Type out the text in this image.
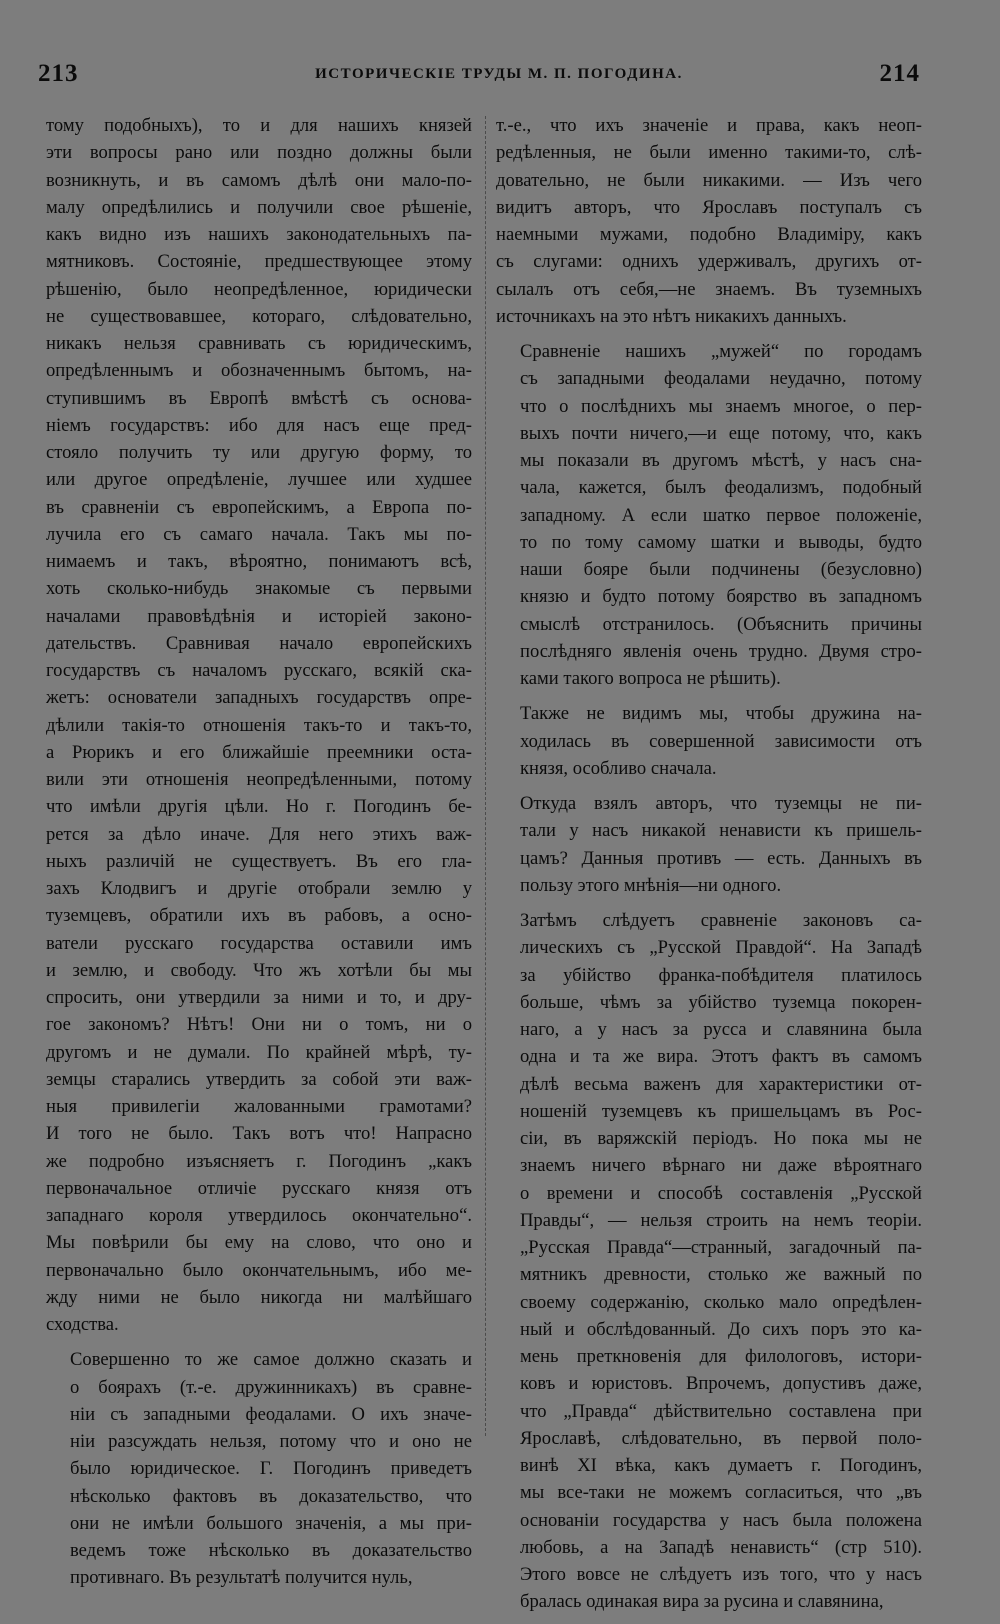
213	ИСТОРИЧЕСКІЕ ТРУДЫ М. П. ПОГОДИНА.	214
тому подобныхъ), то и для нашихъ князей
эти вопросы рано или поздно должны были
возникнуть, и въ самомъ дѣлѣ они мало-по-
малу опредѣлились и получили свое рѣшеніе,
какъ видно изъ нашихъ законодательныхъ па-
мятниковъ. Состояніе, предшествующее этому
рѣшенію, было неопредѣленное, юридически
не существовавшее, котораго, слѣдовательно,
никакъ нельзя сравнивать съ юридическимъ,
опредѣленнымъ и обозначеннымъ бытомъ, на-
ступившимъ въ Европѣ вмѣстѣ съ основа-
ніемъ государствъ: ибо для насъ еще пред-
стояло получить ту или другую форму, то
или другое опредѣленіе, лучшее или худшее
въ сравненіи съ европейскимъ, а Европа по-
лучила его съ самаго начала. Такъ мы по-
нимаемъ и такъ, вѣроятно, понимаютъ всѣ,
хоть сколько-нибудь знакомые съ первыми
началами правовѣдѣнія и исторіей законо-
дательствъ. Сравнивая начало европейскихъ
государствъ съ началомъ русскаго, всякій ска-
жетъ: основатели западныхъ государствъ опре-
дѣлили такія-то отношенія такъ-то и такъ-то,
а Рюрикъ и его ближайшіе преемники оста-
вили эти отношенія неопредѣленными, потому
что имѣли другія цѣли. Но г. Погодинъ бе-
рется за дѣло иначе. Для него этихъ важ-
ныхъ различій не существуетъ. Въ его гла-
захъ Клодвигъ и другіе отобрали землю у
туземцевъ, обратили ихъ въ рабовъ, а осно-
ватели русскаго государства оставили имъ
и землю, и свободу. Что жъ хотѣли бы мы
спросить, они утвердили за ними и то, и дру-
гое закономъ? Нѣтъ! Они ни о томъ, ни о
другомъ и не думали. По крайней мѣрѣ, ту-
земцы старались утвердить за собой эти важ-
ныя привилегіи жалованными грамотами?
И того не было. Такъ вотъ что! Напрасно
же подробно изъясняетъ г. Погодинъ „какъ
первоначальное отличіе русскаго князя отъ
западнаго короля утвердилось окончательно“.
Мы повѣрили бы ему на слово, что оно и
первоначально было окончательнымъ, ибо ме-
жду ними не было никогда ни малѣйшаго
сходства.
Совершенно то же самое должно сказать и
о боярахъ (т.-е. дружинникахъ) въ сравне-
ніи съ западными феодалами. О ихъ значе-
ніи разсуждать нельзя, потому что и оно не
было юридическое. Г. Погодинъ приведетъ
нѣсколько фактовъ въ доказательство, что
они не имѣли большого значенія, а мы при-
ведемъ тоже нѣсколько въ доказательство
противнаго. Въ результатѣ получится нуль,
т.-е., что ихъ значеніе и права, какъ неоп-
редѣленныя, не были именно такими-то, слѣ-
довательно, не были никакими. — Изъ чего
видитъ авторъ, что Ярославъ поступалъ съ
наемными мужами, подобно Владиміру, какъ
съ слугами: однихъ удерживалъ, другихъ от-
сылалъ отъ себя,—не знаемъ. Въ туземныхъ
источникахъ на это нѣтъ никакихъ данныхъ.
Сравненіе нашихъ „мужей“ по городамъ
съ западными феодалами неудачно, потому
что о послѣднихъ мы знаемъ многое, о пер-
выхъ почти ничего,—и еще потому, что, какъ
мы показали въ другомъ мѣстѣ, у насъ сна-
чала, кажется, былъ феодализмъ, подобный
западному. А если шатко первое положеніе,
то по тому самому шатки и выводы, будто
наши бояре были подчинены (безусловно)
князю и будто потому боярство въ западномъ
смыслѣ отстранилось. (Объяснить причины
послѣдняго явленія очень трудно. Двумя стро-
ками такого вопроса не рѣшить).
Также не видимъ мы, чтобы дружина на-
ходилась въ совершенной зависимости отъ
князя, особливо сначала.
Откуда взялъ авторъ, что туземцы не пи-
тали у насъ никакой ненависти къ пришель-
цамъ? Данныя противъ — есть. Данныхъ въ
пользу этого мнѣнія—ни одного.
Затѣмъ слѣдуетъ сравненіе законовъ са-
лическихъ съ „Русской Правдой“. На Западѣ
за убійство франка-побѣдителя платилось
больше, чѣмъ за убійство туземца покорен-
наго, а у насъ за русса и славянина была
одна и та же вира. Этотъ фактъ въ самомъ
дѣлѣ весьма важенъ для характеристики от-
ношеній туземцевъ къ пришельцамъ въ Рос-
сіи, въ варяжскій періодъ. Но пока мы не
знаемъ ничего вѣрнаго ни даже вѣроятнаго
о времени и способѣ составленія „Русской
Правды“, — нельзя строить на немъ теоріи.
„Русская Правда“—странный, загадочный па-
мятникъ древности, столько же важный по
своему содержанію, сколько мало опредѣлен-
ный и обслѣдованный. До сихъ поръ это ка-
мень преткновенія для филологовъ, истори-
ковъ и юристовъ. Впрочемъ, допустивъ даже,
что „Правда“ дѣйствительно составлена при
Ярославѣ, слѣдовательно, въ первой поло-
винѣ XI вѣка, какъ думаетъ г. Погодинъ,
мы все-таки не можемъ согласиться, что „въ
основаніи государства у насъ была положена
любовь, а на Западѣ ненависть“ (стр 510).
Этого вовсе не слѣдуетъ изъ того, что у насъ
бралась одинакая вира за русина и славянина,
